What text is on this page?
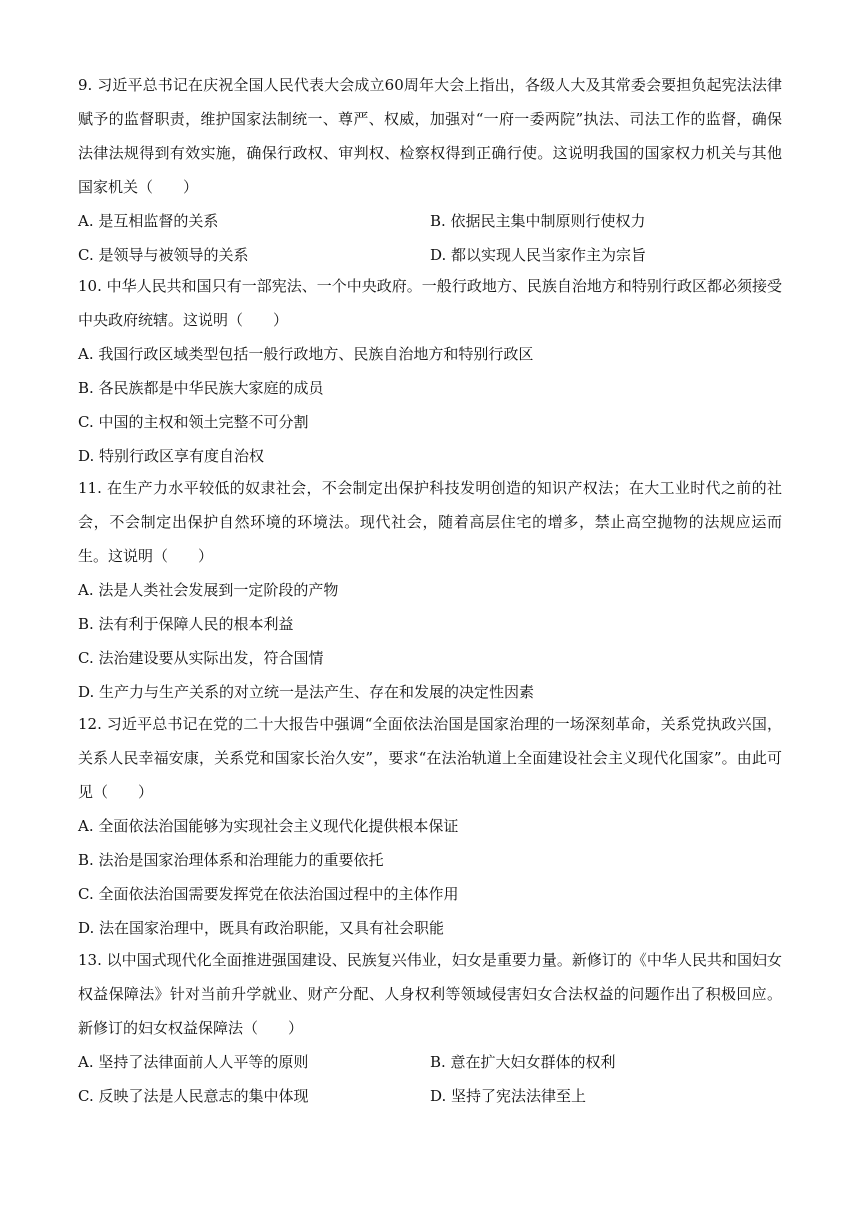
9. 习近平总书记在庆祝全国人民代表大会成立60周年大会上指出，各级人大及其常委会要担负起宪法法律赋予的监督职责，维护国家法制统一、尊严、权威，加强对“一府一委两院”执法、司法工作的监督，确保法律法规得到有效实施，确保行政权、审判权、检察权得到正确行使。这说明我国的国家权力机关与其他国家机关（　　）

A. 是互相监督的关系	B. 依据民主集中制原则行使权力
C. 是领导与被领导的关系	D. 都以实现人民当家作主为宗旨

10. 中华人民共和国只有一部宪法、一个中央政府。一般行政地方、民族自治地方和特别行政区都必须接受中央政府统辖。这说明（　　）

A. 我国行政区域类型包括一般行政地方、民族自治地方和特别行政区
B. 各民族都是中华民族大家庭的成员
C. 中国的主权和领土完整不可分割
D. 特别行政区享有度自治权

11. 在生产力水平较低的奴隶社会，不会制定出保护科技发明创造的知识产权法；在大工业时代之前的社会，不会制定出保护自然环境的环境法。现代社会，随着高层住宅的增多，禁止高空抛物的法规应运而生。这说明（　　）

A. 法是人类社会发展到一定阶段的产物
B. 法有利于保障人民的根本利益
C. 法治建设要从实际出发，符合国情
D. 生产力与生产关系的对立统一是法产生、存在和发展的决定性因素

12. 习近平总书记在党的二十大报告中强调“全面依法治国是国家治理的一场深刻革命，关系党执政兴国，关系人民幸福安康，关系党和国家长治久安”，要求“在法治轨道上全面建设社会主义现代化国家”。由此可见（　　）

A. 全面依法治国能够为实现社会主义现代化提供根本保证
B. 法治是国家治理体系和治理能力的重要依托
C. 全面依法治国需要发挥党在依法治国过程中的主体作用
D. 法在国家治理中，既具有政治职能，又具有社会职能

13. 以中国式现代化全面推进强国建设、民族复兴伟业，妇女是重要力量。新修订的《中华人民共和国妇女权益保障法》针对当前升学就业、财产分配、人身权利等领域侵害妇女合法权益的问题作出了积极回应。新修订的妇女权益保障法（　　）

A. 坚持了法律面前人人平等的原则	B. 意在扩大妇女群体的权利
C. 反映了法是人民意志的集中体现	D. 坚持了宪法法律至上
